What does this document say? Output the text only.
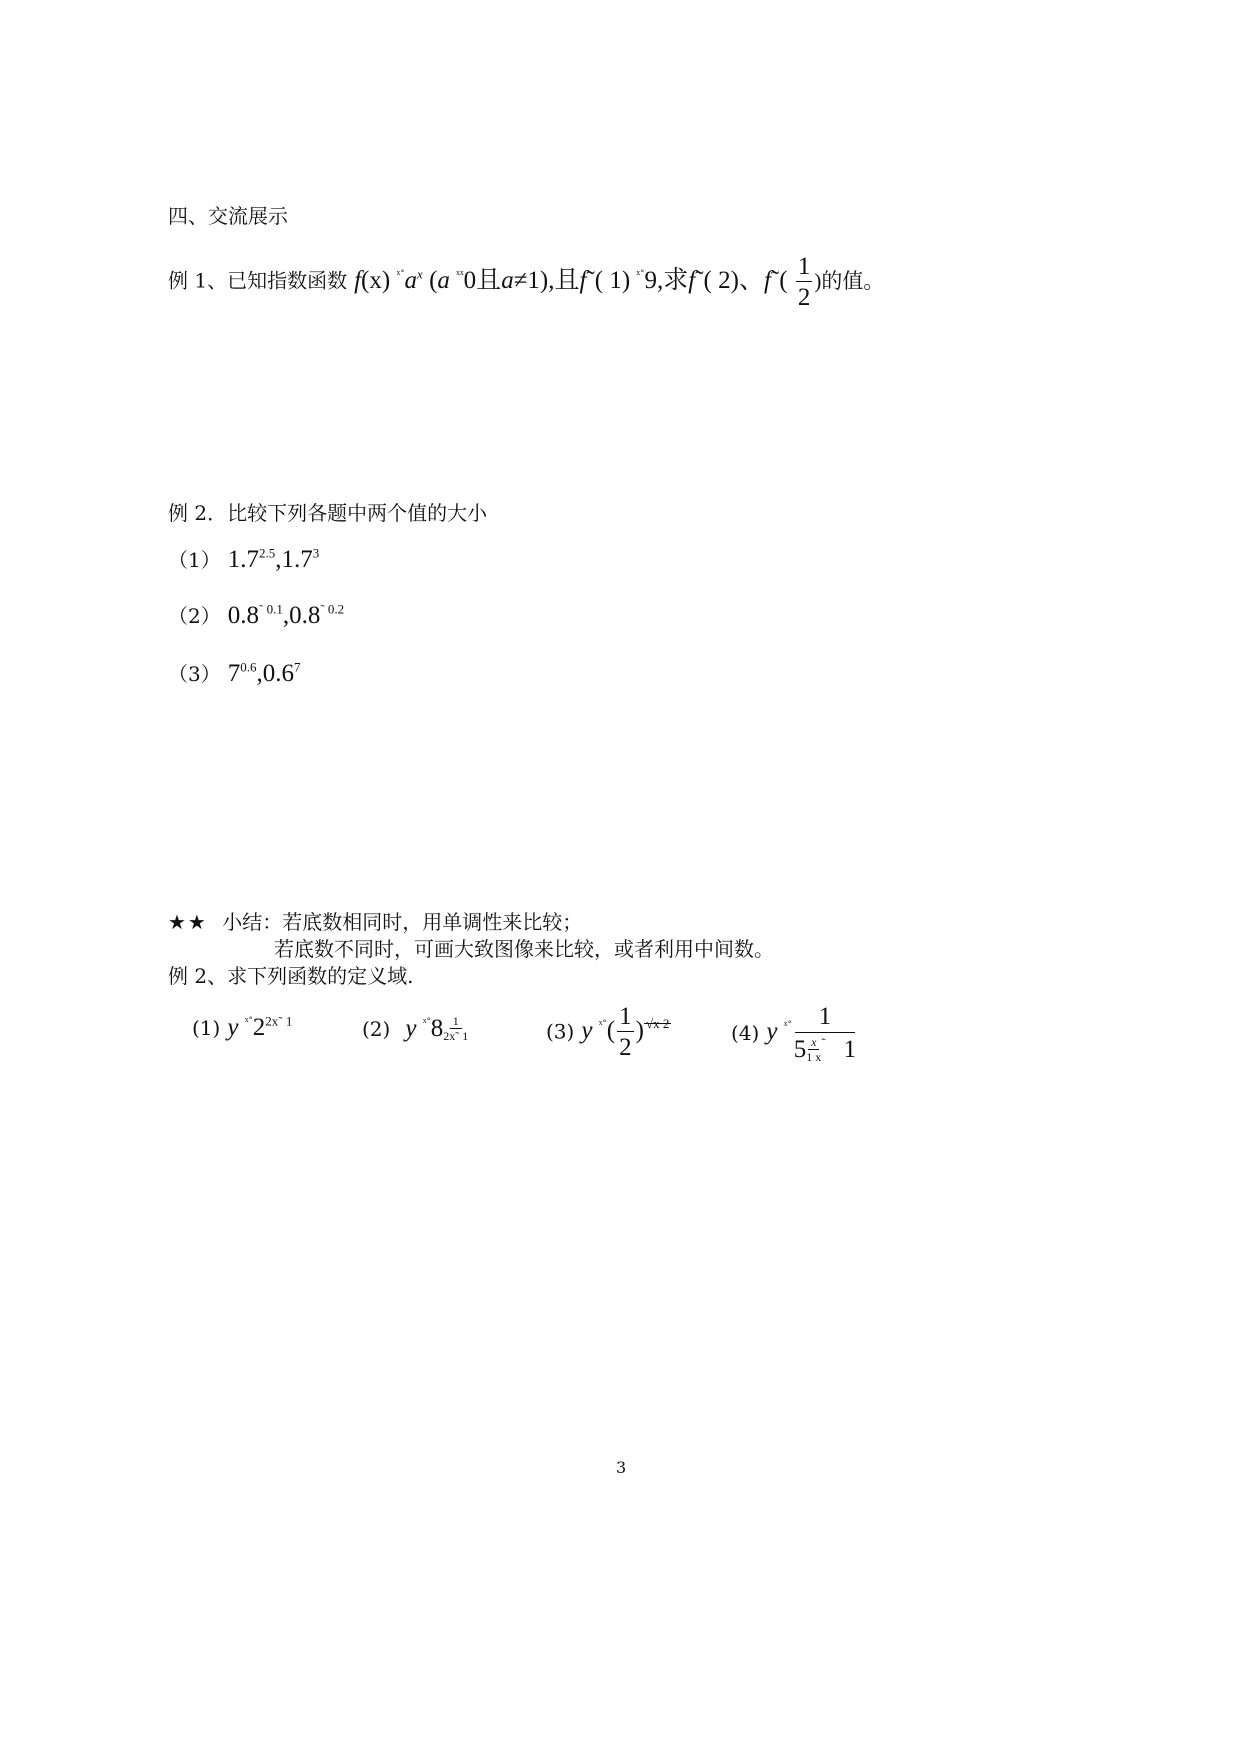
四、交流展示
例 1、已知指数函数 f(x) $^{ˣ˚}a^x$ (a $^{ˣˣ}$0且a≠1),且f˜( 1) $^{ˣ˚}$9,求f˜( 2)、f˜( $\frac{1}{2}$ )的值。
例 2．比较下列各题中两个值的大小
（1） $1.7^{2.5},1.7^3$
（2） $0.8^{˜ 0.1},0.8^{˜ 0.2}$
（3） $7^{0.6},0.6^7$
★★ 小结：若底数相同时，用单调性来比较；
若底数不同时，可画大致图像来比较，或者利用中间数。
例 2、求下列函数的定义域.
(1) y $^{ˣ˚}2^{2x˜ 1}$	(2) y $^{ˣ˚}8 \frac{1}{2x˜ 1}$	(3) y $^{ˣ˚}( \frac{1}{2}$ ) √x 2	(4) y $^{ˣ˚} \frac{1}{5 \frac{x}{1 x} ^˜ 1}$
3
